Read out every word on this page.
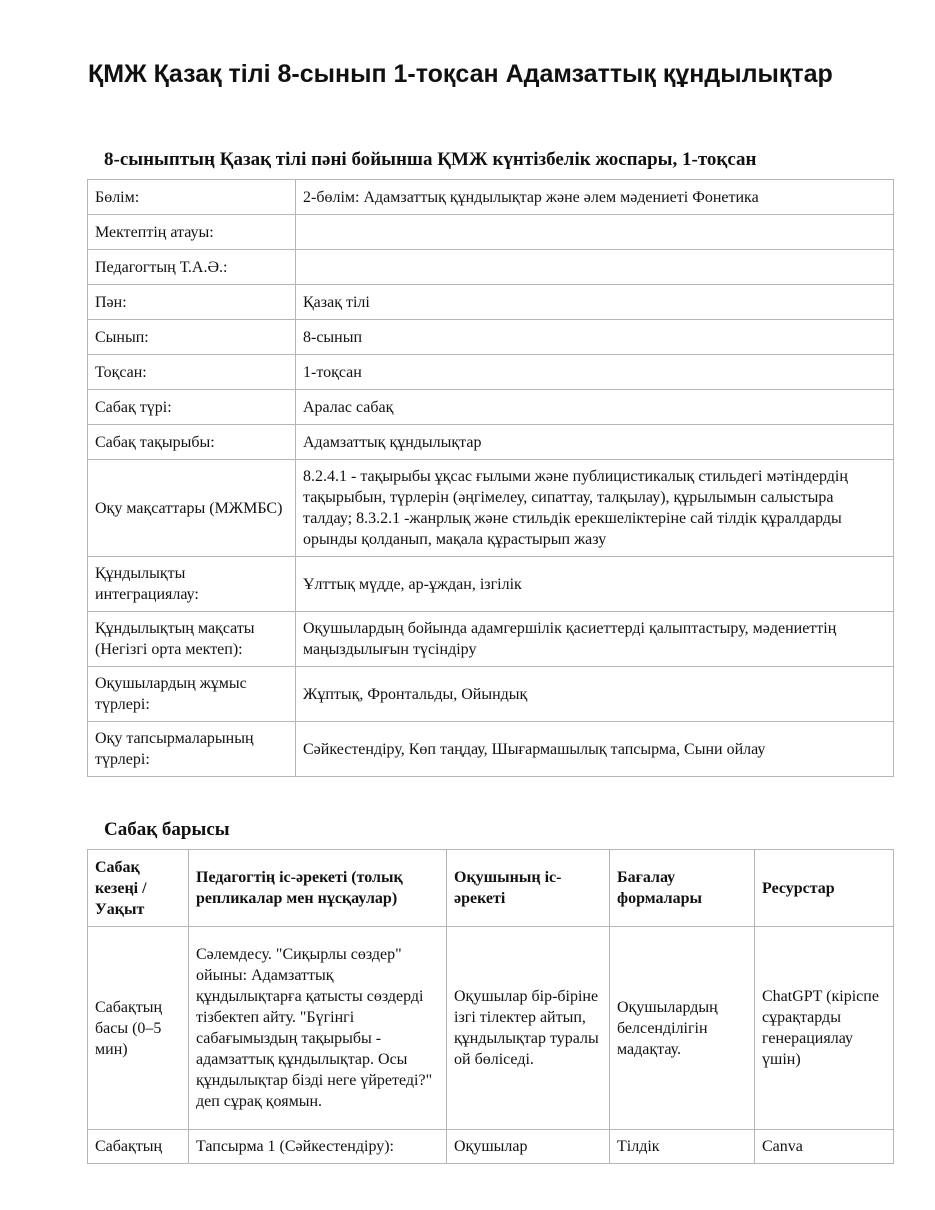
ҚМЖ Қазақ тілі 8-сынып 1-тоқсан Адамзаттық құндылықтар
8-сыныптың Қазақ тілі пәні бойынша ҚМЖ күнтізбелік жоспары, 1-тоқсан
Бөлім:	2-бөлім: Адамзаттық құндылықтар және әлем мәдениеті Фонетика
Мектептің атауы:	
Педагогтың Т.А.Ә.:	
Пән:	Қазақ тілі
Сынып:	8-сынып
Тоқсан:	1-тоқсан
Сабақ түрі:	Аралас сабақ
Сабақ тақырыбы:	Адамзаттық құндылықтар
Оқу мақсаттары (МЖМБС)	8.2.4.1 - тақырыбы ұқсас ғылыми және публицистикалық стильдегі мәтіндердің тақырыбын, түрлерін (әңгімелеу, сипаттау, талқылау), құрылымын салыстыра талдау; 8.3.2.1 -жанрлық және стильдік ерекшеліктеріне сай тілдік құралдарды орынды қолданып, мақала құрастырып жазу
Құндылықты интеграциялау:	Ұлттық мүдде, ар-ұждан, ізгілік
Құндылықтың мақсаты (Негізгі орта мектеп):	Оқушылардың бойында адамгершілік қасиеттерді қалыптастыру, мәдениеттің маңыздылығын түсіндіру
Оқушылардың жұмыс түрлері:	Жұптық, Фронтальды, Ойындық
Оқу тапсырмаларының түрлері:	Сәйкестендіру, Көп таңдау, Шығармашылық тапсырма, Сыни ойлау
Сабақ барысы
Сабақ кезеңі / Уақыт	Педагогтің іс-әрекеті (толық репликалар мен нұсқаулар)	Оқушының іс-әрекеті	Бағалау формалары	Ресурстар
Сабақтың басы (0–5 мин)	Сәлемдесу. "Сиқырлы сөздер" ойыны: Адамзаттық құндылықтарға қатысты сөздерді тізбектеп айту. "Бүгінгі сабағымыздың тақырыбы - адамзаттық құндылықтар. Осы құндылықтар бізді неге үйретеді?" деп сұрақ қоямын.	Оқушылар бір-біріне ізгі тілектер айтып, құндылықтар туралы ой бөліседі.	Оқушылардың белсенділігін мадақтау.	ChatGPT (кіріспе сұрақтарды генерациялау үшін)
Сабақтың	Тапсырма 1 (Сәйкестендіру):	Оқушылар	Тілдік	Canva
